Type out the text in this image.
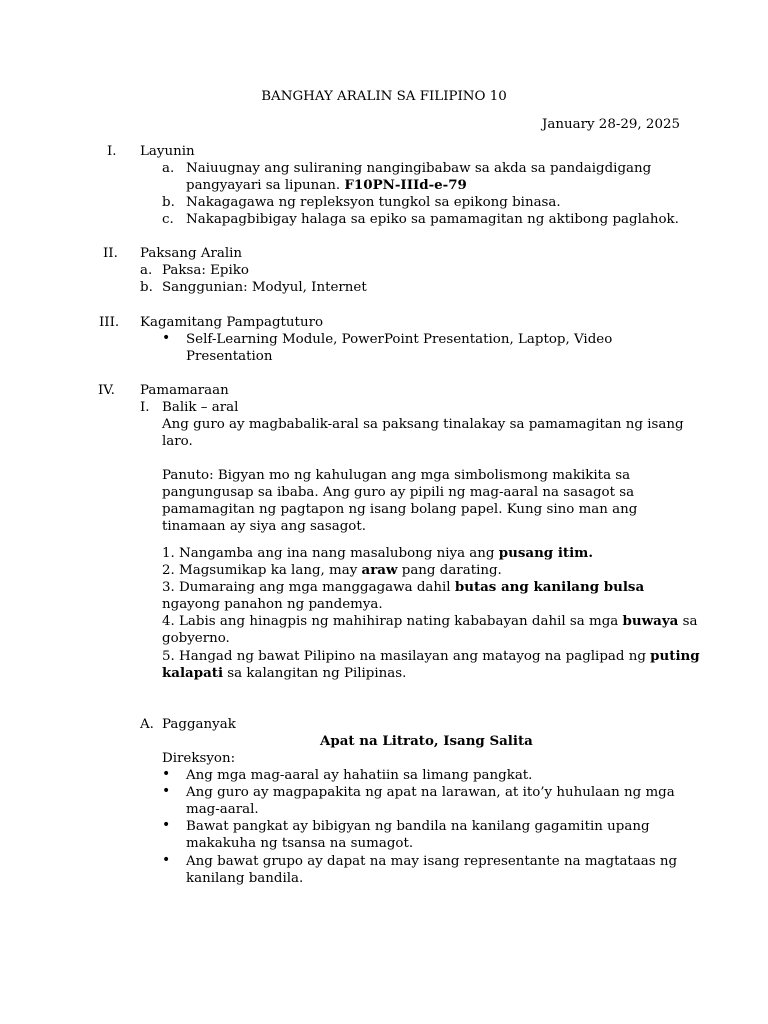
BANGHAY ARALIN SA FILIPINO 10
January 28-29, 2025
I. Layunin
a. Naiuugnay ang suliraning nangingibabaw sa akda sa pandaigdigang
pangyayari sa lipunan. F10PN-IIId-e-79
b. Nakagagawa ng repleksyon tungkol sa epikong binasa.
c. Nakapagbibigay halaga sa epiko sa pamamagitan ng aktibong paglahok.
II. Paksang Aralin
a. Paksa: Epiko
b. Sanggunian: Modyul, Internet
III. Kagamitang Pampagtuturo
• Self-Learning Module, PowerPoint Presentation, Laptop, Video
Presentation
IV. Pamamaraan
I. Balik – aral
Ang guro ay magbabalik-aral sa paksang tinalakay sa pamamagitan ng isang
laro.
Panuto: Bigyan mo ng kahulugan ang mga simbolismong makikita sa
pangungusap sa ibaba. Ang guro ay pipili ng mag-aaral na sasagot sa
pamamagitan ng pagtapon ng isang bolang papel. Kung sino man ang
tinamaan ay siya ang sasagot.
1. Nangamba ang ina nang masalubong niya ang pusang itim.
2. Magsumikap ka lang, may araw pang darating.
3. Dumaraing ang mga manggagawa dahil butas ang kanilang bulsa
ngayong panahon ng pandemya.
4. Labis ang hinagpis ng mahihirap nating kababayan dahil sa mga buwaya sa
gobyerno.
5. Hangad ng bawat Pilipino na masilayan ang matayog na paglipad ng puting
kalapati sa kalangitan ng Pilipinas.
A. Pagganyak
Apat na Litrato, Isang Salita
Direksyon:
• Ang mga mag-aaral ay hahatiin sa limang pangkat.
• Ang guro ay magpapakita ng apat na larawan, at ito’y huhulaan ng mga
mag-aaral.
• Bawat pangkat ay bibigyan ng bandila na kanilang gagamitin upang
makakuha ng tsansa na sumagot.
• Ang bawat grupo ay dapat na may isang representante na magtataas ng
kanilang bandila.
